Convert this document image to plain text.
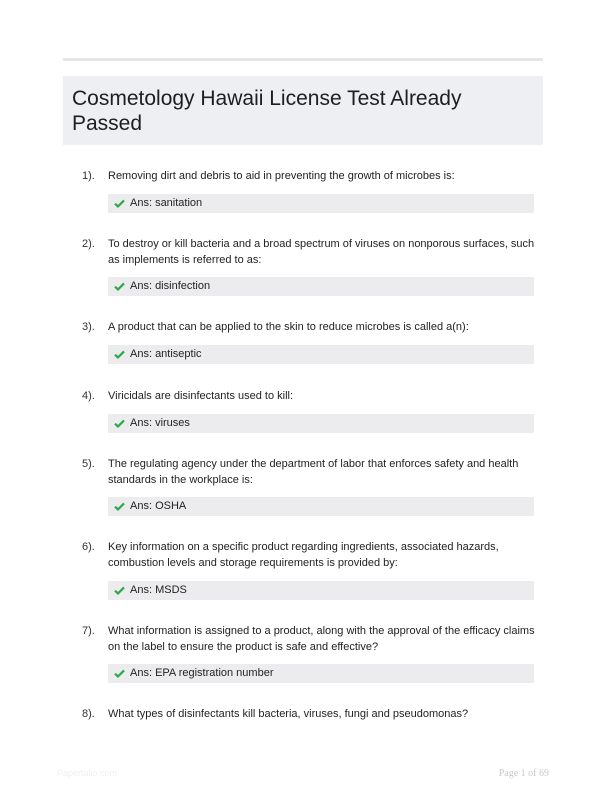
Cosmetology Hawaii License Test Already Passed
1). Removing dirt and debris to aid in preventing the growth of microbes is:
Ans: sanitation
2). To destroy or kill bacteria and a broad spectrum of viruses on nonporous surfaces, such as implements is referred to as:
Ans: disinfection
3). A product that can be applied to the skin to reduce microbes is called a(n):
Ans: antiseptic
4). Viricidals are disinfectants used to kill:
Ans: viruses
5). The regulating agency under the department of labor that enforces safety and health standards in the workplace is:
Ans: OSHA
6). Key information on a specific product regarding ingredients, associated hazards, combustion levels and storage requirements is provided by:
Ans: MSDS
7). What information is assigned to a product, along with the approval of the efficacy claims on the label to ensure the product is safe and effective?
Ans: EPA registration number
8). What types of disinfectants kill bacteria, viruses, fungi and pseudomonas?
Papertalio.com	Page 1 of 69
